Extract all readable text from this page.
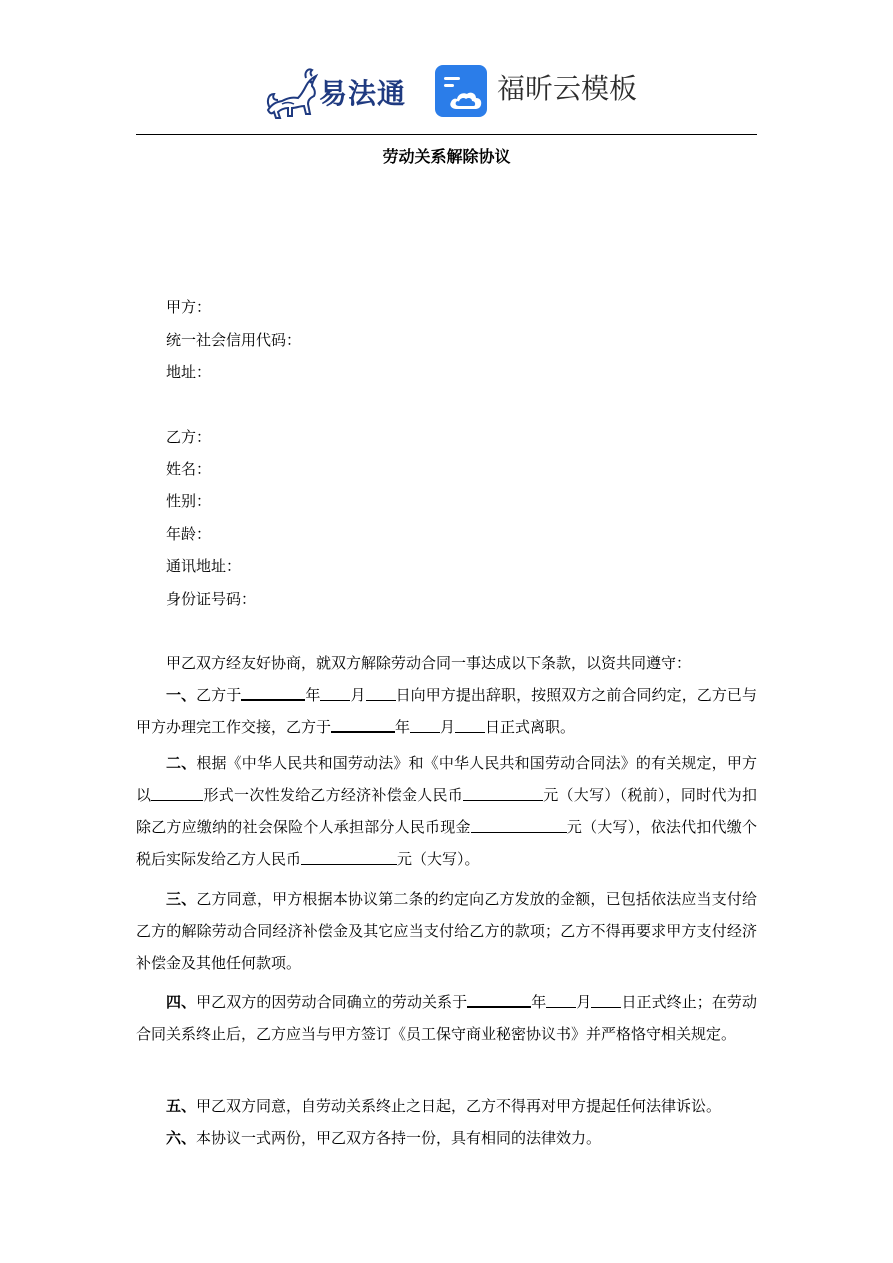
易法通	福昕云模板
劳动关系解除协议
甲方：
统一社会信用代码：
地址：
乙方：
姓名：
性别：
年龄：
通讯地址：
身份证号码：
甲乙双方经友好协商，就双方解除劳动合同一事达成以下条款，以资共同遵守：
一、乙方于	年 月 日向甲方提出辞职，按照双方之前合同约定，乙方已与甲方办理完工作交接，乙方于	年 月 日正式离职。
二、根据《中华人民共和国劳动法》和《中华人民共和国劳动合同法》的有关规定，甲方以	形式一次性发给乙方经济补偿金人民币	元（大写）（税前），同时代为扣除乙方应缴纳的社会保险个人承担部分人民币现金	元（大写），依法代扣代缴个税后实际发给乙方人民币	元（大写）。
三、乙方同意，甲方根据本协议第二条的约定向乙方发放的金额，已包括依法应当支付给乙方的解除劳动合同经济补偿金及其它应当支付给乙方的款项；乙方不得再要求甲方支付经济补偿金及其他任何款项。
四、甲乙双方的因劳动合同确立的劳动关系于	年 月 日正式终止；在劳动合同关系终止后，乙方应当与甲方签订《员工保守商业秘密协议书》并严格恪守相关规定。
五、甲乙双方同意，自劳动关系终止之日起，乙方不得再对甲方提起任何法律诉讼。
六、本协议一式两份，甲乙双方各持一份，具有相同的法律效力。
